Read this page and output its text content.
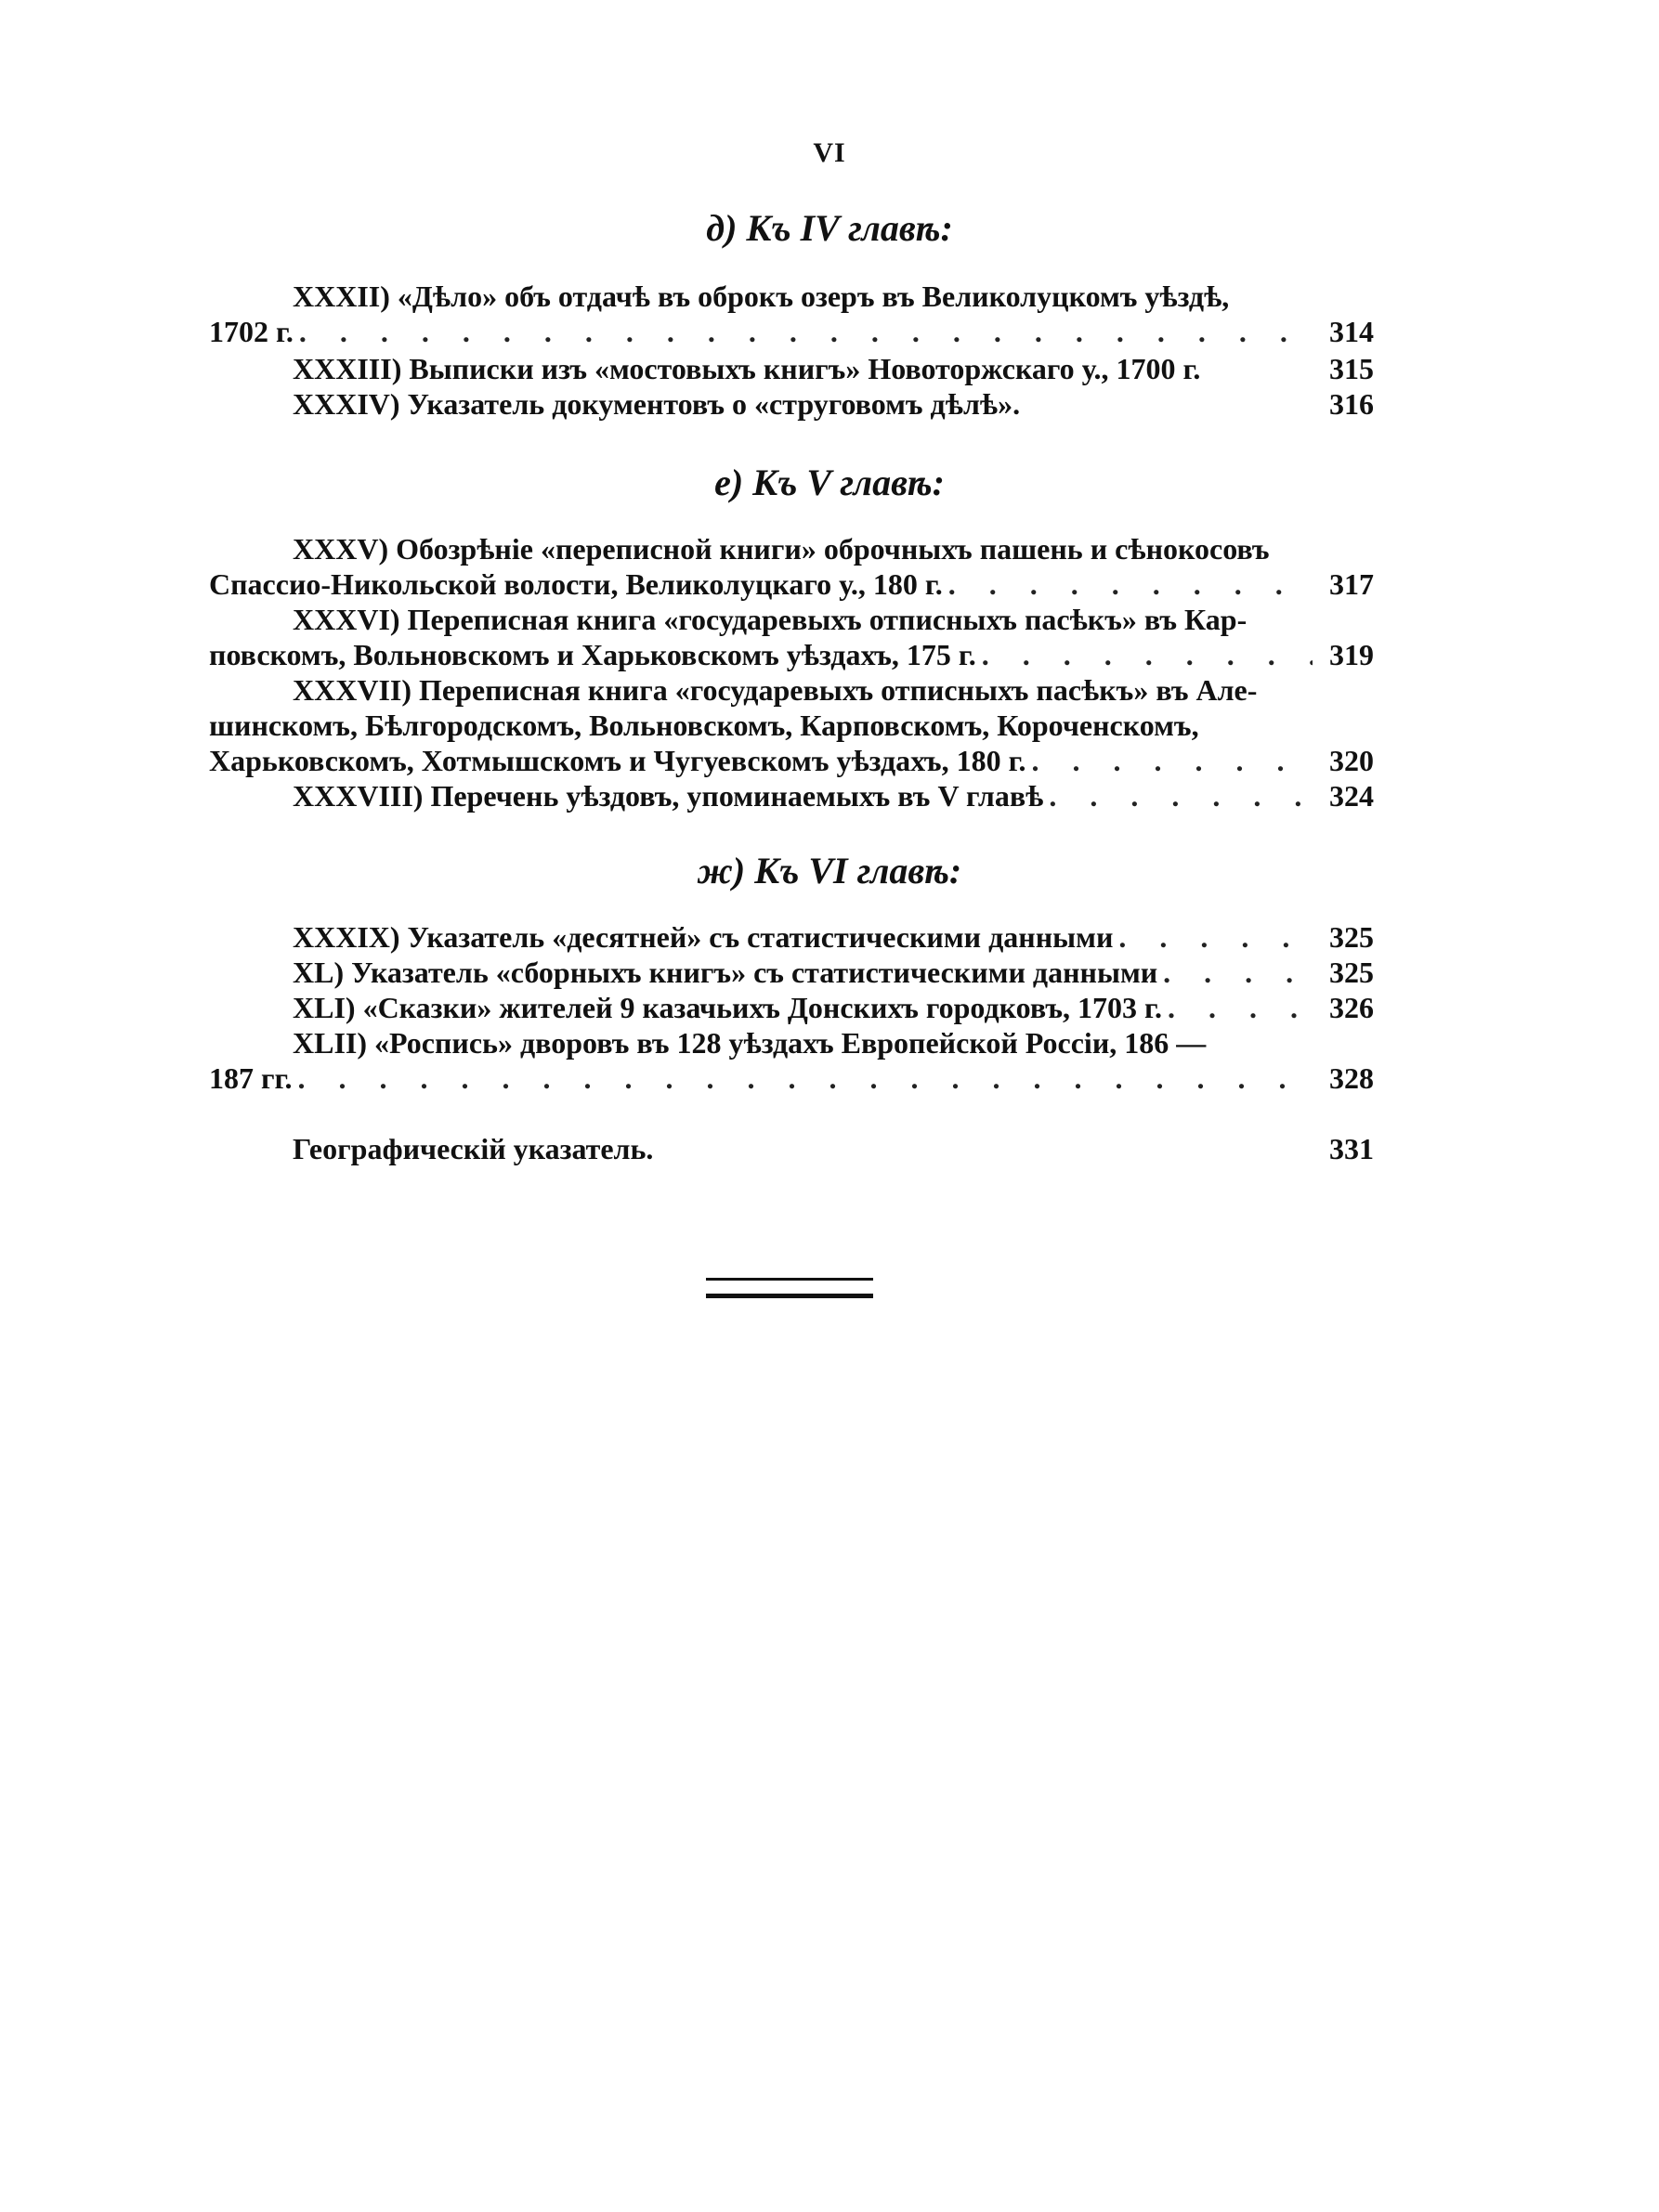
VI
д) Къ IV главѣ:
XXXII) «Дѣло» объ отдачѣ въ оброкъ озеръ въ Великолуцкомъ уѣздѣ,
1702 г. . . .	314
XXXIII) Выписки изъ «мостовыхъ книгъ» Новоторжскаго у., 1700 г.	315
XXXIV) Указатель документовъ о «струговомъ дѣлѣ».	316
е) Къ V главѣ:
XXXV) Обозрѣніе «переписной книги» оброчныхъ пашень и сѣнокосовъ
Спассио-Никольской волости, Великолуцкаго у., 180 г. . . .	317
XXXVI) Переписная книга «государевыхъ отписныхъ пасѣкъ» въ Кар-
повскомъ, Вольновскомъ и Харьковскомъ уѣздахъ, 175 г. . . .	319
XXXVII) Переписная книга «государевыхъ отписныхъ пасѣкъ» въ Але-
шинскомъ, Бѣлгородскомъ, Вольновскомъ, Карповскомъ, Короченскомъ,
Харьковскомъ, Хотмышскомъ и Чугуевскомъ уѣздахъ, 180 г. . . .	320
XXXVIII) Перечень уѣздовъ, упоминаемыхъ въ V главѣ . . .	324
ж) Къ VI главѣ:
XXXIX) Указатель «десятней» съ статистическими данными . . .	325
XL) Указатель «сборныхъ книгъ» съ статистическими данными . . .	325
XLI) «Сказки» жителей 9 казачьихъ Донскихъ городковъ, 1703 г. . . .	326
XLII) «Роспись» дворовъ въ 128 уѣздахъ Европейской Россіи, 186 —
187 гг. . . .	328
Географическій указатель.	331
